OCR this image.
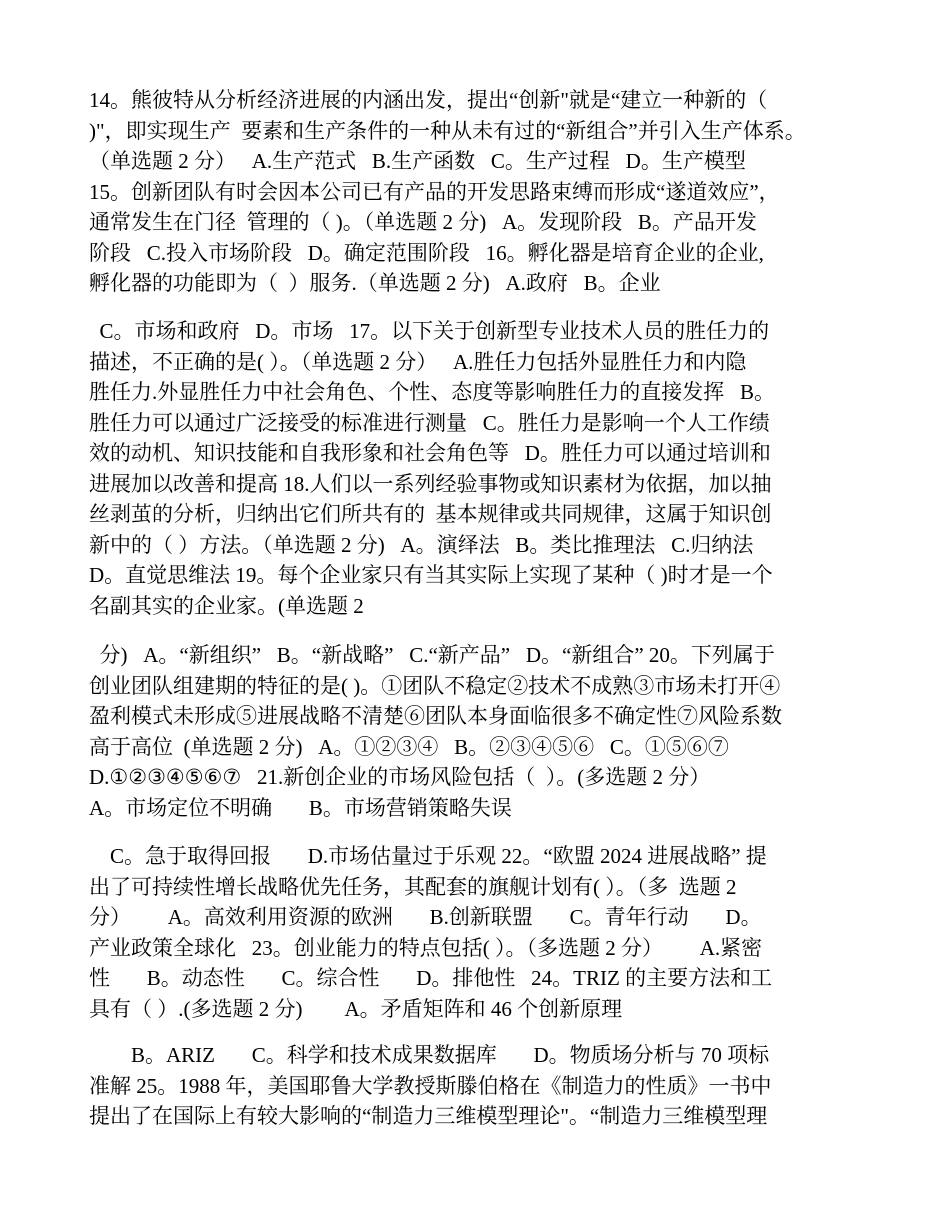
14。熊彼特从分析经济进展的内涵出发，提出“创新"就是“建立一种新的（
)"，即实现生产  要素和生产条件的一种从未有过的“新组合”并引入生产体系。
（单选题 2 分）   A.生产范式   B.生产函数   C。生产过程   D。生产模型
15。创新团队有时会因本公司已有产品的开发思路束缚而形成“遂道效应”，
通常发生在门径  管理的（ )。（单选题 2 分)   A。发现阶段   B。产品开发
阶段   C.投入市场阶段   D。确定范围阶段   16。孵化器是培育企业的企业,
孵化器的功能即为（  ）服务.（单选题 2 分)   A.政府   B。企业
C。市场和政府   D。市场   17。以下关于创新型专业技术人员的胜任力的
描述，不正确的是( ）。（单选题 2 分）   A.胜任力包括外显胜任力和内隐
胜任力.外显胜任力中社会角色、个性、态度等影响胜任力的直接发挥   B。
胜任力可以通过广泛接受的标准进行测量   C。胜任力是影响一个人工作绩
效的动机、知识技能和自我形象和社会角色等   D。胜任力可以通过培训和
进展加以改善和提高 18.人们以一系列经验事物或知识素材为依据，加以抽
丝剥茧的分析，归纳出它们所共有的  基本规律或共同规律，这属于知识创
新中的（ ）方法。（单选题 2 分)   A。演绎法   B。类比推理法   C.归纳法
D。直觉思维法 19。每个企业家只有当其实际上实现了某种（ )时才是一个
名副其实的企业家。(单选题 2
分)   A。“新组织”   B。“新战略”   C.“新产品”   D。“新组合” 20。下列属于
创业团队组建期的特征的是( )。①团队不稳定②技术不成熟③市场未打开④
盈利模式未形成⑤进展战略不清楚⑥团队本身面临很多不确定性⑦风险系数
高于高位  (单选题 2 分)   A。①②③④   B。②③④⑤⑥   C。①⑤⑥⑦
D.①②③④⑤⑥⑦   21.新创企业的市场风险包括（  ）。(多选题 2 分）
A。市场定位不明确       B。市场营销策略失误
C。急于取得回报       D.市场估量过于乐观 22。“欧盟 2024 进展战略” 提
出了可持续性增长战略优先任务，其配套的旗舰计划有( ）。（多  选题 2
分）       A。高效利用资源的欧洲       B.创新联盟       C。青年行动       D。
产业政策全球化   23。创业能力的特点包括( ）。（多选题 2 分）       A.紧密
性       B。动态性       C。综合性       D。排他性   24。TRIZ 的主要方法和工
具有（ ）.(多选题 2 分)        A。矛盾矩阵和 46 个创新原理
B。ARIZ       C。科学和技术成果数据库       D。物质场分析与 70 项标
准解 25。1988 年，美国耶鲁大学教授斯滕伯格在《制造力的性质》一书中
提出了在国际上有较大影响的“制造力三维模型理论"。“制造力三维模型理
